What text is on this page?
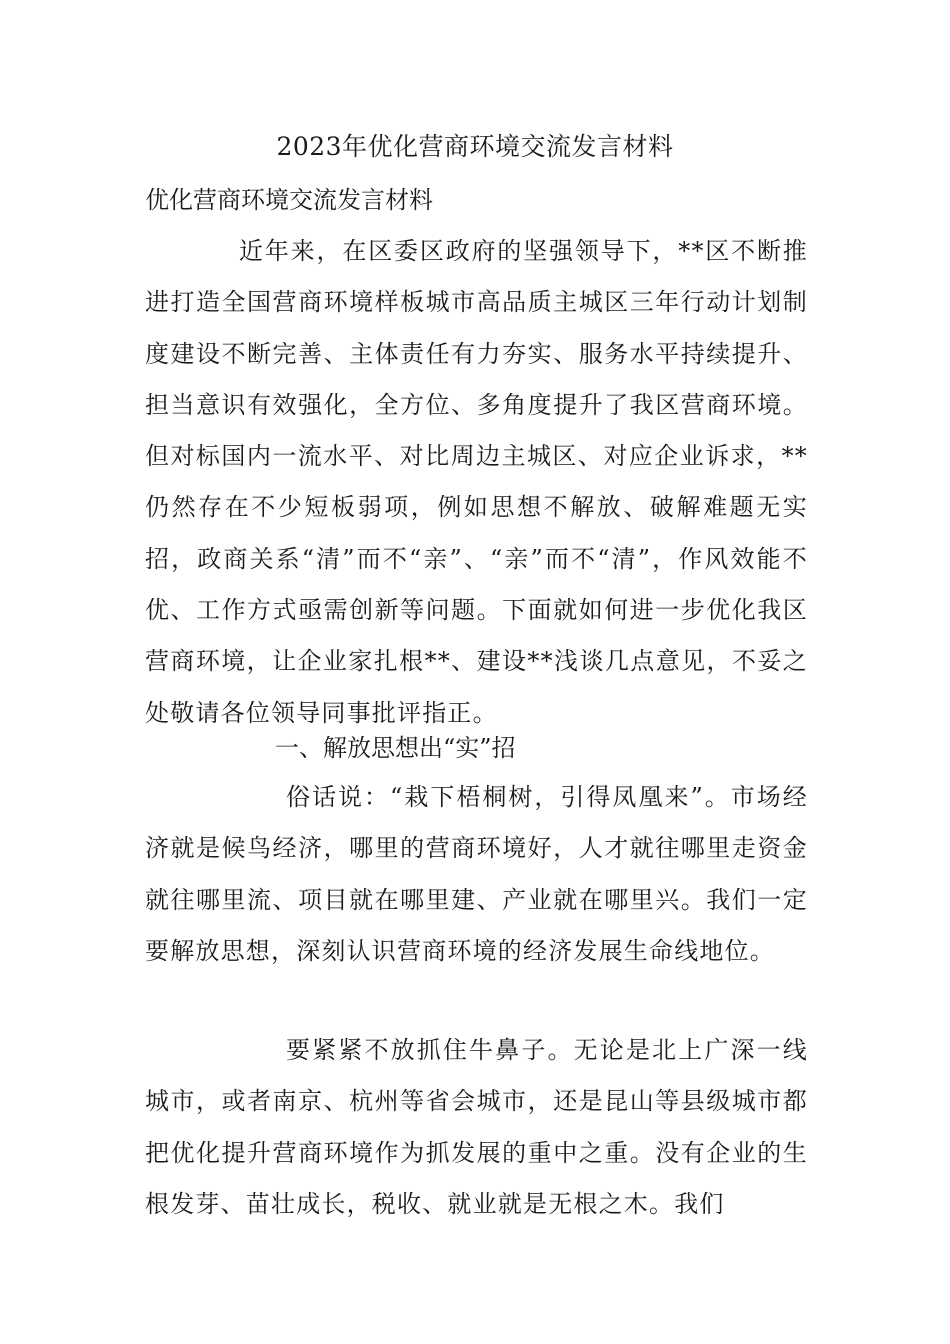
2023年优化营商环境交流发言材料

优化营商环境交流发言材料

近年来，在区委区政府的坚强领导下，**区不断推进打造全国营商环境样板城市高品质主城区三年行动计划制度建设不断完善、主体责任有力夯实、服务水平持续提升、担当意识有效强化，全方位、多角度提升了我区营商环境。但对标国内一流水平、对比周边主城区、对应企业诉求，**仍然存在不少短板弱项，例如思想不解放、破解难题无实招，政商关系“清”而不“亲”、“亲”而不“清”，作风效能不优、工作方式亟需创新等问题。下面就如何进一步优化我区营商环境，让企业家扎根**、建设**浅谈几点意见，不妥之处敬请各位领导同事批评指正。

一、解放思想出“实”招

俗话说：“栽下梧桐树，引得凤凰来”。市场经济就是候鸟经济，哪里的营商环境好，人才就往哪里走资金就往哪里流、项目就在哪里建、产业就在哪里兴。我们一定要解放思想，深刻认识营商环境的经济发展生命线地位。

要紧紧不放抓住牛鼻子。无论是北上广深一线城市，或者南京、杭州等省会城市，还是昆山等县级城市都把优化提升营商环境作为抓发展的重中之重。没有企业的生根发芽、苗壮成长，税收、就业就是无根之木。我们
